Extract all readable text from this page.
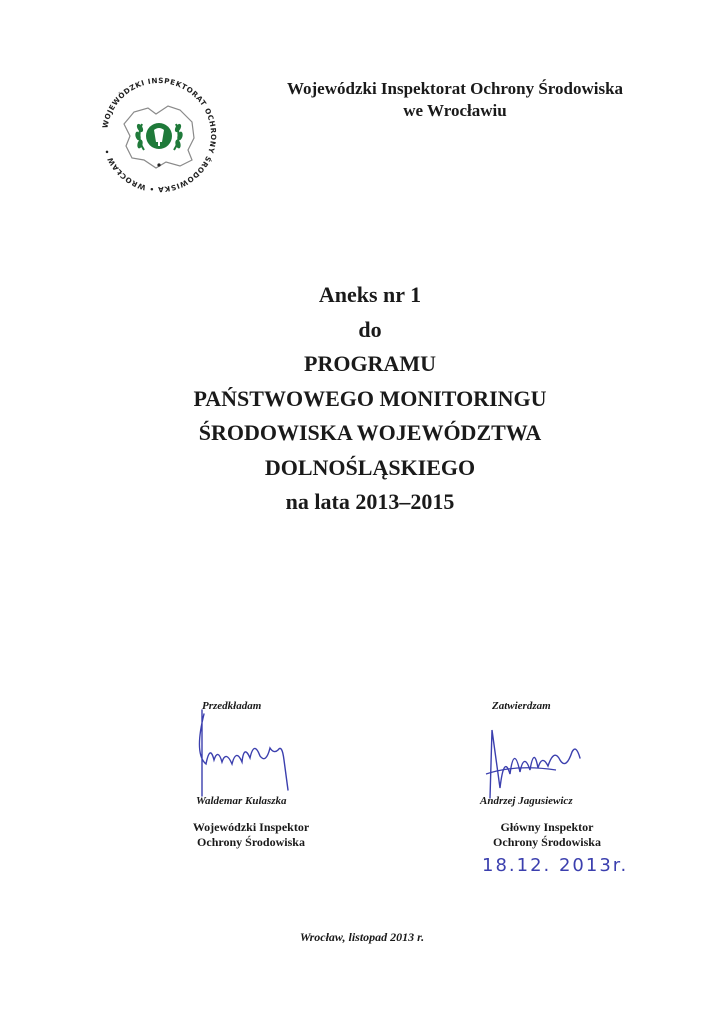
WOJEWÓDZKI INSPEKTORAT OCHRONY ŚRODOWISKA • WROCŁAW •
Wojewódzki Inspektorat Ochrony Środowiska
we Wrocławiu
Aneks nr 1
do
PROGRAMU
PAŃSTWOWEGO MONITORINGU
ŚRODOWISKA WOJEWÓDZTWA
DOLNOŚLĄSKIEGO
na lata 2013–2015
Przedkładam
Waldemar Kulaszka
Wojewódzki Inspektor
Ochrony Środowiska
Zatwierdzam
Andrzej Jagusiewicz
Główny Inspektor
Ochrony Środowiska
18.12. 2013r.
Wrocław, listopad 2013 r.
